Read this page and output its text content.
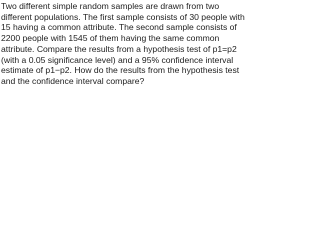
Two different simple random samples are drawn from two
different populations. The first sample consists of 30 people with
15 having a common attribute. The second sample consists of
2200 people with 1545 of them having the same common
attribute. Compare the results from a hypothesis test of p1=p2
(with a 0.05 significance level) and a 95% confidence interval
estimate of p1−p2. How do the results from the hypothesis test
and the confidence interval compare?
